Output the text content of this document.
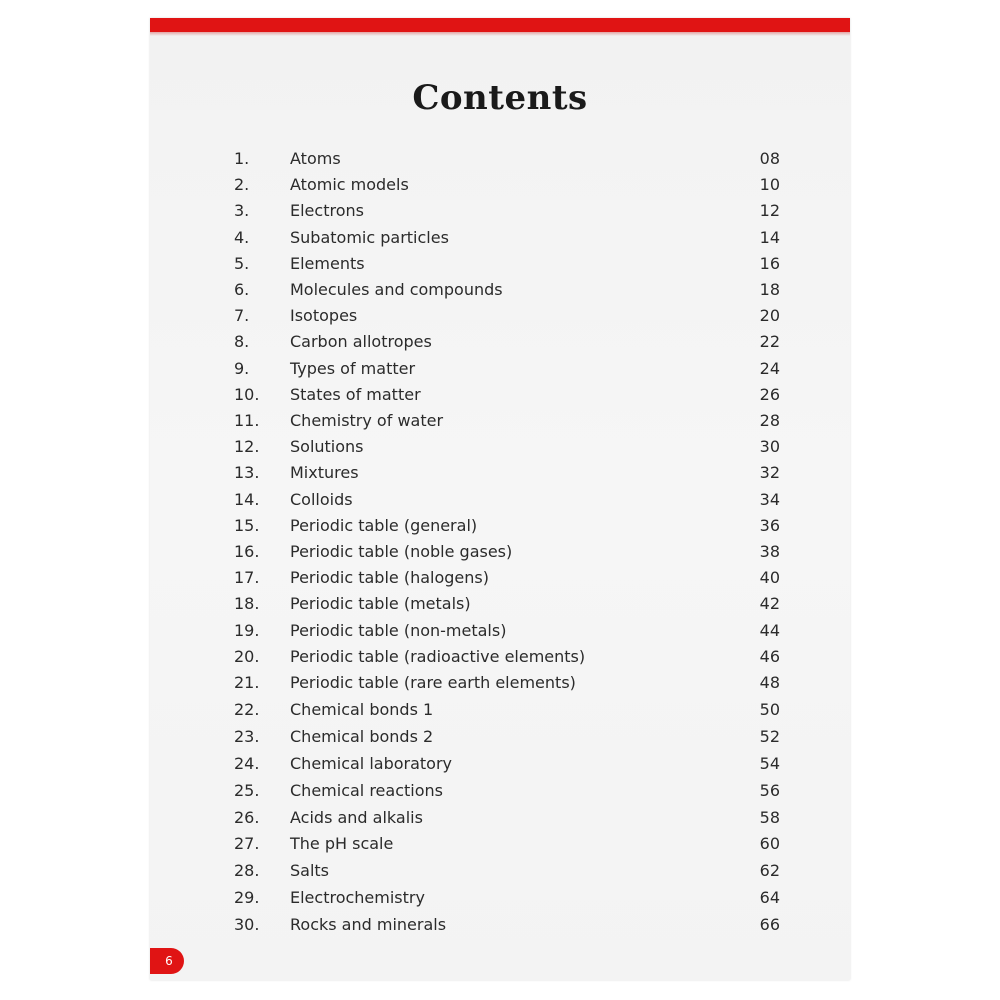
Contents
1.	Atoms	08
2.	Atomic models	10
3.	Electrons	12
4.	Subatomic particles	14
5.	Elements	16
6.	Molecules and compounds	18
7.	Isotopes	20
8.	Carbon allotropes	22
9.	Types of matter	24
10.	States of matter	26
11.	Chemistry of water	28
12.	Solutions	30
13.	Mixtures	32
14.	Colloids	34
15.	Periodic table (general)	36
16.	Periodic table (noble gases)	38
17.	Periodic table (halogens)	40
18.	Periodic table (metals)	42
19.	Periodic table (non-metals)	44
20.	Periodic table (radioactive elements)	46
21.	Periodic table (rare earth elements)	48
22.	Chemical bonds 1	50
23.	Chemical bonds 2	52
24.	Chemical laboratory	54
25.	Chemical reactions	56
26.	Acids and alkalis	58
27.	The pH scale	60
28.	Salts	62
29.	Electrochemistry	64
30.	Rocks and minerals	66
6
